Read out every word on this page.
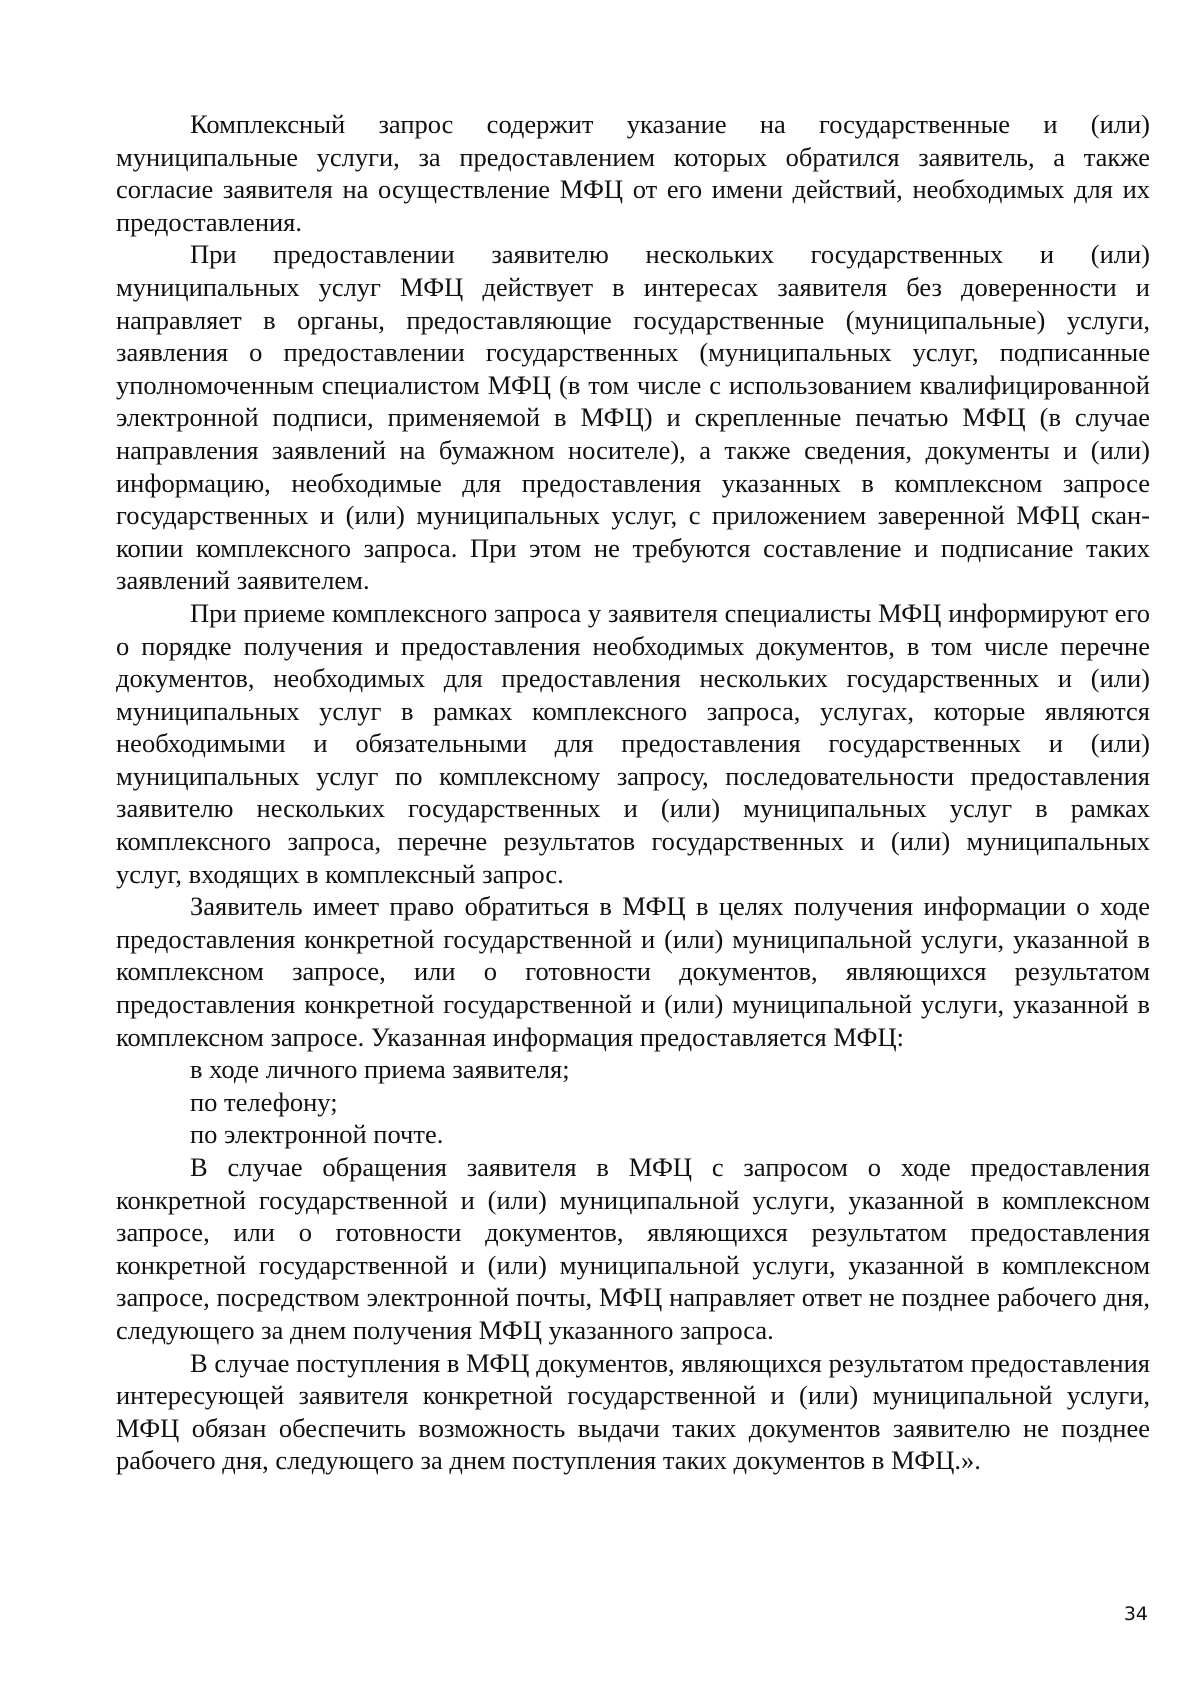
Комплексный запрос содержит указание на государственные и (или) муниципальные услуги, за предоставлением которых обратился заявитель, а также согласие заявителя на осуществление МФЦ от его имени действий, необходимых для их предоставления.

При предоставлении заявителю нескольких государственных и (или) муниципальных услуг МФЦ действует в интересах заявителя без доверенности и направляет в органы, предоставляющие государственные (муниципальные) услуги, заявления о предоставлении государственных (муниципальных услуг, подписанные уполномоченным специалистом МФЦ (в том числе с использованием квалифицированной электронной подписи, применяемой в МФЦ) и скрепленные печатью МФЦ (в случае направления заявлений на бумажном носителе), а также сведения, документы и (или) информацию, необходимые для предоставления указанных в комплексном запросе государственных и (или) муниципальных услуг, с приложением заверенной МФЦ скан-копии комплексного запроса. При этом не требуются составление и подписание таких заявлений заявителем.

При приеме комплексного запроса у заявителя специалисты МФЦ информируют его о порядке получения и предоставления необходимых документов, в том числе перечне документов, необходимых для предоставления нескольких государственных и (или) муниципальных услуг в рамках комплексного запроса, услугах, которые являются необходимыми и обязательными для предоставления государственных и (или) муниципальных услуг по комплексному запросу, последовательности предоставления заявителю нескольких государственных и (или) муниципальных услуг в рамках комплексного запроса, перечне результатов государственных и (или) муниципальных услуг, входящих в комплексный запрос.

Заявитель имеет право обратиться в МФЦ в целях получения информации о ходе предоставления конкретной государственной и (или) муниципальной услуги, указанной в комплексном запросе, или о готовности документов, являющихся результатом предоставления конкретной государственной и (или) муниципальной услуги, указанной в комплексном запросе. Указанная информация предоставляется МФЦ:

в ходе личного приема заявителя;

по телефону;

по электронной почте.

В случае обращения заявителя в МФЦ с запросом о ходе предоставления конкретной государственной и (или) муниципальной услуги, указанной в комплексном запросе, или о готовности документов, являющихся результатом предоставления конкретной государственной и (или) муниципальной услуги, указанной в комплексном запросе, посредством электронной почты, МФЦ направляет ответ не позднее рабочего дня, следующего за днем получения МФЦ указанного запроса.

В случае поступления в МФЦ документов, являющихся результатом предоставления интересующей заявителя конкретной государственной и (или) муниципальной услуги, МФЦ обязан обеспечить возможность выдачи таких документов заявителю не позднее рабочего дня, следующего за днем поступления таких документов в МФЦ.».

34
